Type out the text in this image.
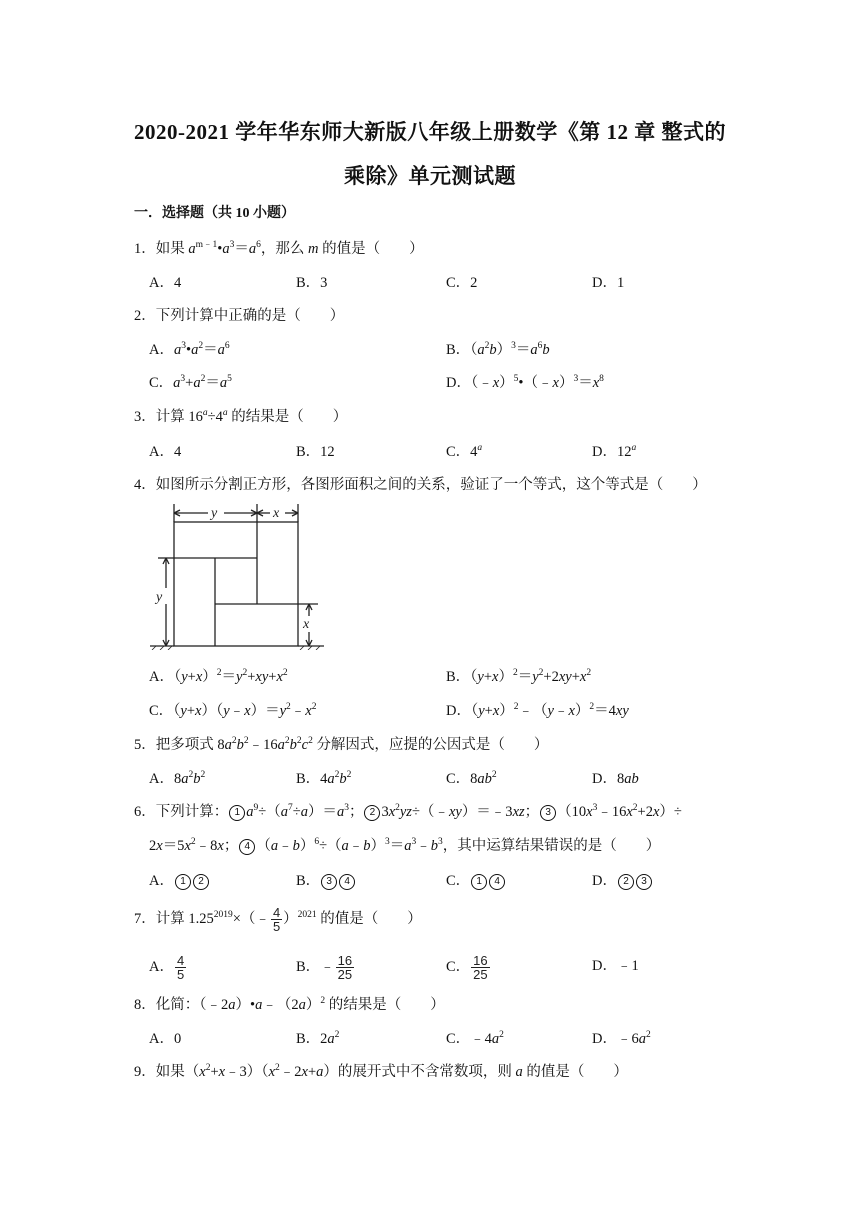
2020-2021 学年华东师大新版八年级上册数学《第 12 章 整式的
乘除》单元测试题
一．选择题（共 10 小题）
1．如果 $a^{m﹣1}•a^3=a^6$，那么 m 的值是（　　）
A．4	B．3	C．2	D．1
2．下列计算中正确的是（　　）
A．$a^3•a^2=a^6$	B．$(a^2b)^3=a^6b$
C．$a^3+a^2=a^5$	D．$(﹣x)^5•(﹣x)^3=x^8$
3．计算 $16^a\div 4^a$ 的结果是（　　）
A．4	B．12	C．4$^a$	D．12$^a$
4．如图所示分割正方形，各图形面积之间的关系，验证了一个等式，这个等式是（　　）
y	x
y
x
A．$(y+x)^2=y^2+xy+x^2$	B．$(y+x)^2=y^2+2xy+x^2$
C．$(y+x)(y﹣x)=y^2﹣x^2$	D．$(y+x)^2﹣(y﹣x)^2=4xy$
5．把多项式 $8a^2b^2﹣16a^2b^2c^2$ 分解因式，应提的公因式是（　　）
A．$8a^2b^2$	B．$4a^2b^2$	C．$8ab^2$	D．8ab
6．下列计算： 1 $a^9\div(a^7\div a)=a^3$； 2 $3x^2yz\div(﹣xy)=﹣3xz$； 3 $(10x^3﹣16x^2+2x)\div$
$2x=5x^2﹣8x$； 4 $(a﹣b)^6\div(a﹣b)^3=a^3﹣b^3$，其中运算结果错误的是（　　）
A． 1 2	B． 3 4	C． 1 4	D． 2 3
7．计算 $1.25^{2019}\times(﹣ \frac{4}{5} )^{2021}$ 的值是（　　）
A． $\frac{4}{5}$	B．﹣ $\frac{16}{25}$	C． $\frac{16}{25}$	D．﹣1
8．化简：$(﹣2a)•a﹣(2a)^2$ 的结果是（　　）
A．0	B．$2a^2$	C．$﹣4a^2$	D．$﹣6a^2$
9．如果$(x^2+x﹣3)(x^2﹣2x+a)$的展开式中不含常数项，则 a 的值是（　　）
